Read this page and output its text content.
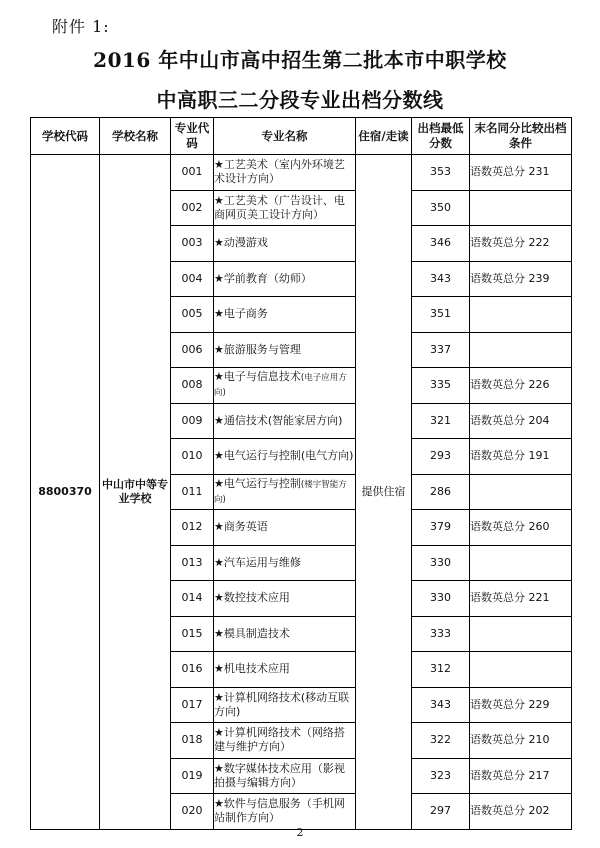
附件 1:
2016 年中山市高中招生第二批本市中职学校
中高职三二分段专业出档分数线
学校代码	学校名称	专业代码	专业名称	住宿/走读	出档最低分数	末名同分比较出档条件
8800370	中山市中等专业学校	001	★工艺美术（室内外环境艺术设计方向）	提供住宿	353	语数英总分 231
		002	★工艺美术（广告设计、电商网页美工设计方向）		350	
		003	★动漫游戏		346	语数英总分 222
		004	★学前教育（幼师）		343	语数英总分 239
		005	★电子商务		351	
		006	★旅游服务与管理		337	
		008	★电子与信息技术(电子应用方向)		335	语数英总分 226
		009	★通信技术(智能家居方向)		321	语数英总分 204
		010	★电气运行与控制(电气方向)		293	语数英总分 191
		011	★电气运行与控制(楼宇智能方向)		286	
		012	★商务英语		379	语数英总分 260
		013	★汽车运用与维修		330	
		014	★数控技术应用		330	语数英总分 221
		015	★模具制造技术		333	
		016	★机电技术应用		312	
		017	★计算机网络技术(移动互联方向)		343	语数英总分 229
		018	★计算机网络技术（网络搭建与维护方向）		322	语数英总分 210
		019	★数字媒体技术应用（影视拍摄与编辑方向）		323	语数英总分 217
		020	★软件与信息服务（手机网站制作方向）		297	语数英总分 202
2
